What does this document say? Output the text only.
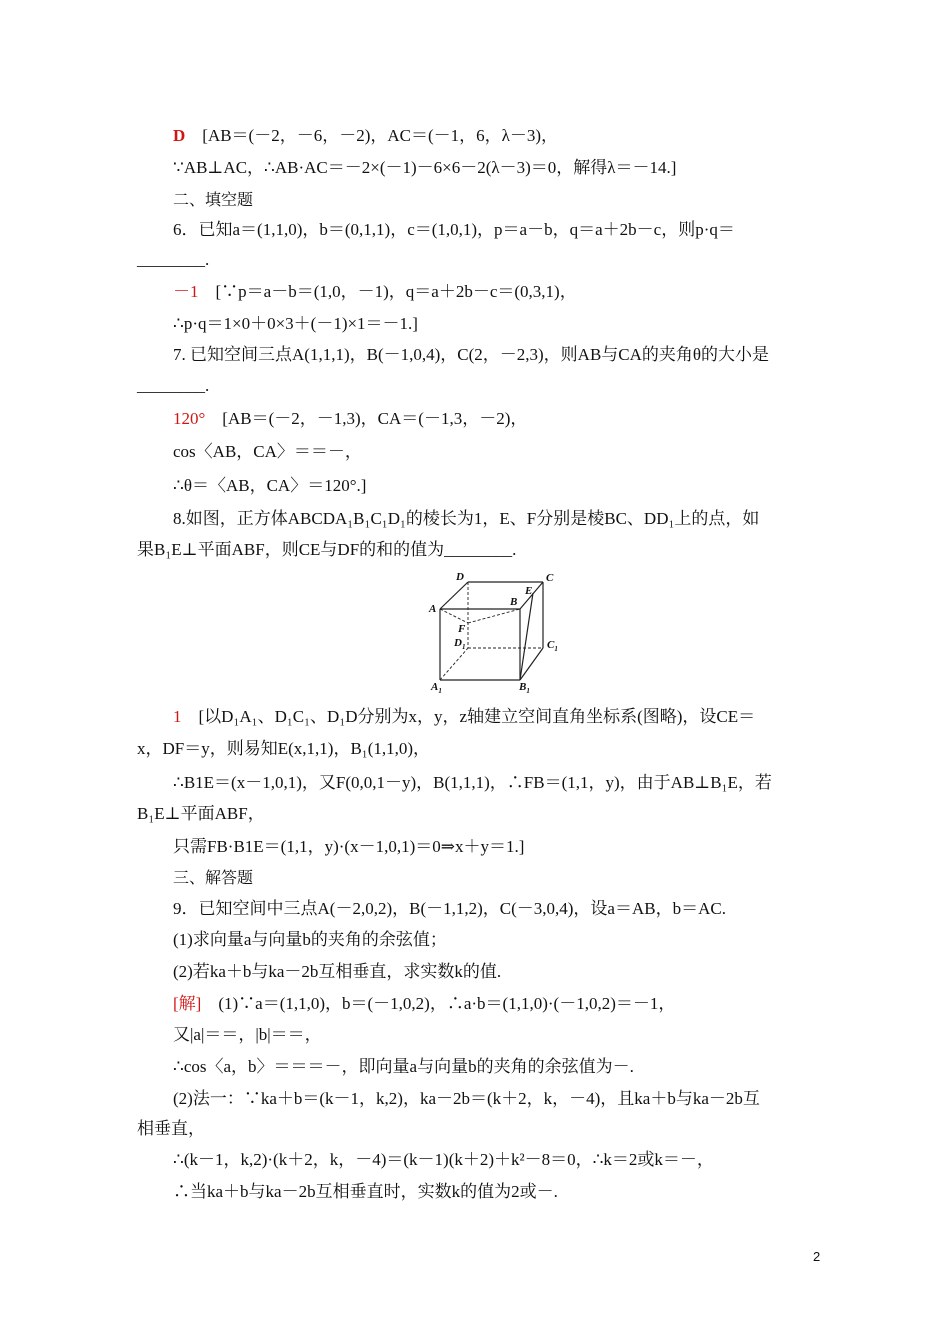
D　[AB＝(－2，－6，－2)，AC＝(－1，6，λ－3)，
∵AB⊥AC，∴AB·AC＝－2×(－1)－6×6－2(λ－3)＝0，解得λ＝－14.]
二、填空题
6．已知a＝(1,1,0)，b＝(0,1,1)，c＝(1,0,1)，p＝a－b，q＝a＋2b－c，则p·q＝
________.
－1　[∵p＝a－b＝(1,0，－1)，q＝a＋2b－c＝(0,3,1)，
∴p·q＝1×0＋0×3＋(－1)×1＝－1.]
7. 已知空间三点A(1,1,1)，B(－1,0,4)，C(2，－2,3)，则AB与CA的夹角θ的大小是
________.
120°　[AB＝(－2，－1,3)，CA＝(－1,3，－2)，
cos〈AB，CA〉＝＝－，
∴θ＝〈AB，CA〉＝120°.]
8.如图，正方体ABCDA₁B₁C₁D₁的棱长为1，E、F分别是棱BC、DD₁上的点，如
果B₁E⊥平面ABF，则CE与DF的和的值为________.
D	C
A
B
E
F
$D_1$	$C_1$
$A_1$	$B_1$
1　[以D₁A₁、D₁C₁、D₁D分别为x，y，z轴建立空间直角坐标系(图略)，设CE＝
x，DF＝y，则易知E(x,1,1)，B₁(1,1,0)，
∴B1E＝(x－1,0,1)，又F(0,0,1－y)，B(1,1,1)，∴FB＝(1,1，y)，由于AB⊥B₁E，若
B₁E⊥平面ABF，
只需FB·B1E＝(1,1，y)·(x－1,0,1)＝0⇒x＋y＝1.]
三、解答题
9．已知空间中三点A(－2,0,2)，B(－1,1,2)，C(－3,0,4)，设a＝AB，b＝AC.
(1)求向量a与向量b的夹角的余弦值；
(2)若ka＋b与ka－2b互相垂直，求实数k的值.
[解]　(1)∵a＝(1,1,0)，b＝(－1,0,2)，∴a·b＝(1,1,0)·(－1,0,2)＝－1，
又|a|＝＝，|b|＝＝，
∴cos〈a，b〉＝＝＝－，即向量a与向量b的夹角的余弦值为－.
(2)法一：∵ka＋b＝(k－1，k,2)，ka－2b＝(k＋2，k，－4)，且ka＋b与ka－2b互
相垂直，
∴(k－1，k,2)·(k＋2，k，－4)＝(k－1)(k＋2)＋k²－8＝0，∴k＝2或k＝－，
∴当ka＋b与ka－2b互相垂直时，实数k的值为2或－.
2
